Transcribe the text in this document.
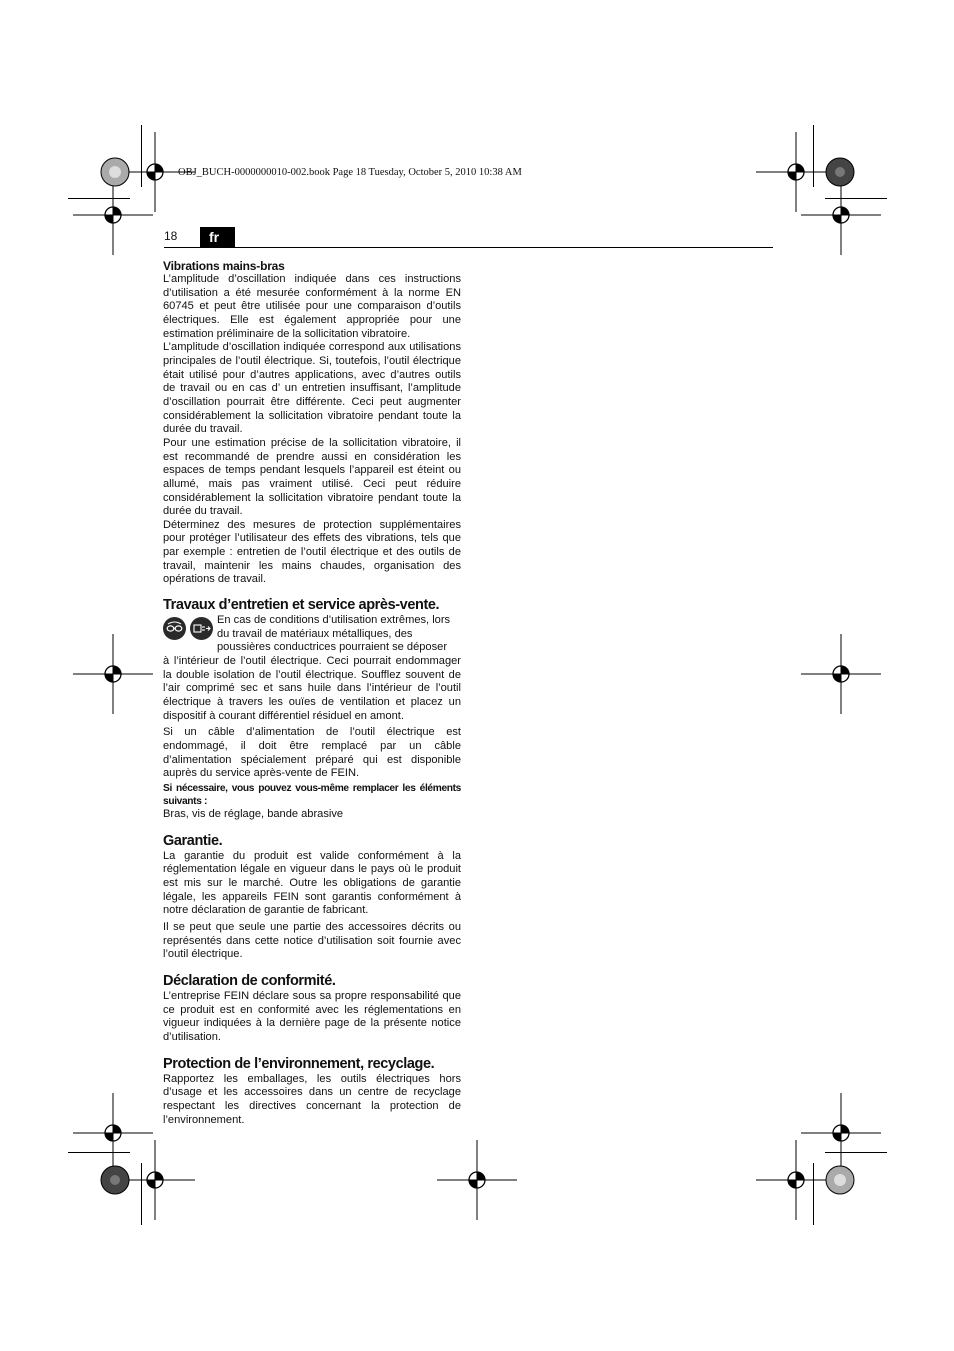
OBJ_BUCH-0000000010-002.book Page 18 Tuesday, October 5, 2010 10:38 AM
18	fr
Vibrations mains-bras

L’amplitude d’oscillation indiquée dans ces instructions d’utilisation a été mesurée conformément à la norme EN 60745 et peut être utilisée pour une comparaison d’outils électriques. Elle est également appropriée pour une estimation préliminaire de la sollicitation vibratoire.

L’amplitude d’oscillation indiquée correspond aux utilisations principales de l’outil électrique. Si, toutefois, l’outil électrique était utilisé pour d’autres applications, avec d’autres outils de travail ou en cas d’ un entretien insuffisant, l’amplitude d’oscillation pourrait être différente. Ceci peut augmenter considérablement la sollicitation vibratoire pendant toute la durée du travail.

Pour une estimation précise de la sollicitation vibratoire, il est recommandé de prendre aussi en considération les espaces de temps pendant lesquels l’appareil est éteint ou allumé, mais pas vraiment utilisé. Ceci peut réduire considérablement la sollicitation vibratoire pendant toute la durée du travail.

Déterminez des mesures de protection supplémentaires pour protéger l’utilisateur des effets des vibrations, tels que par exemple : entretien de l’outil électrique et des outils de travail, maintenir les mains chaudes, organisation des opérations de travail.

Travaux d’entretien et service après-vente.

En cas de conditions d’utilisation extrêmes, lors du travail de matériaux métalliques, des poussières conductrices pourraient se déposer

à l’intérieur de l’outil électrique. Ceci pourrait endommager la double isolation de l’outil électrique. Soufflez souvent de l’air comprimé sec et sans huile dans l’intérieur de l’outil électrique à travers les ouïes de ventilation et placez un dispositif à courant différentiel résiduel en amont.

Si un câble d’alimentation de l’outil électrique est endommagé, il doit être remplacé par un câble d’alimentation spécialement préparé qui est disponible auprès du service après-vente de FEIN.

Si nécessaire, vous pouvez vous-même remplacer les éléments suivants :

Bras, vis de réglage, bande abrasive

Garantie.

La garantie du produit est valide conformément à la réglementation légale en vigueur dans le pays où le produit est mis sur le marché. Outre les obligations de garantie légale, les appareils FEIN sont garantis conformément à notre déclaration de garantie de fabricant.

Il se peut que seule une partie des accessoires décrits ou représentés dans cette notice d’utilisation soit fournie avec l’outil électrique.

Déclaration de conformité.

L’entreprise FEIN déclare sous sa propre responsabilité que ce produit est en conformité avec les réglementations en vigueur indiquées à la dernière page de la présente notice d’utilisation.

Protection de l’environnement, recyclage.

Rapportez les emballages, les outils électriques hors d’usage et les accessoires dans un centre de recyclage respectant les directives concernant la protection de l’environnement.
